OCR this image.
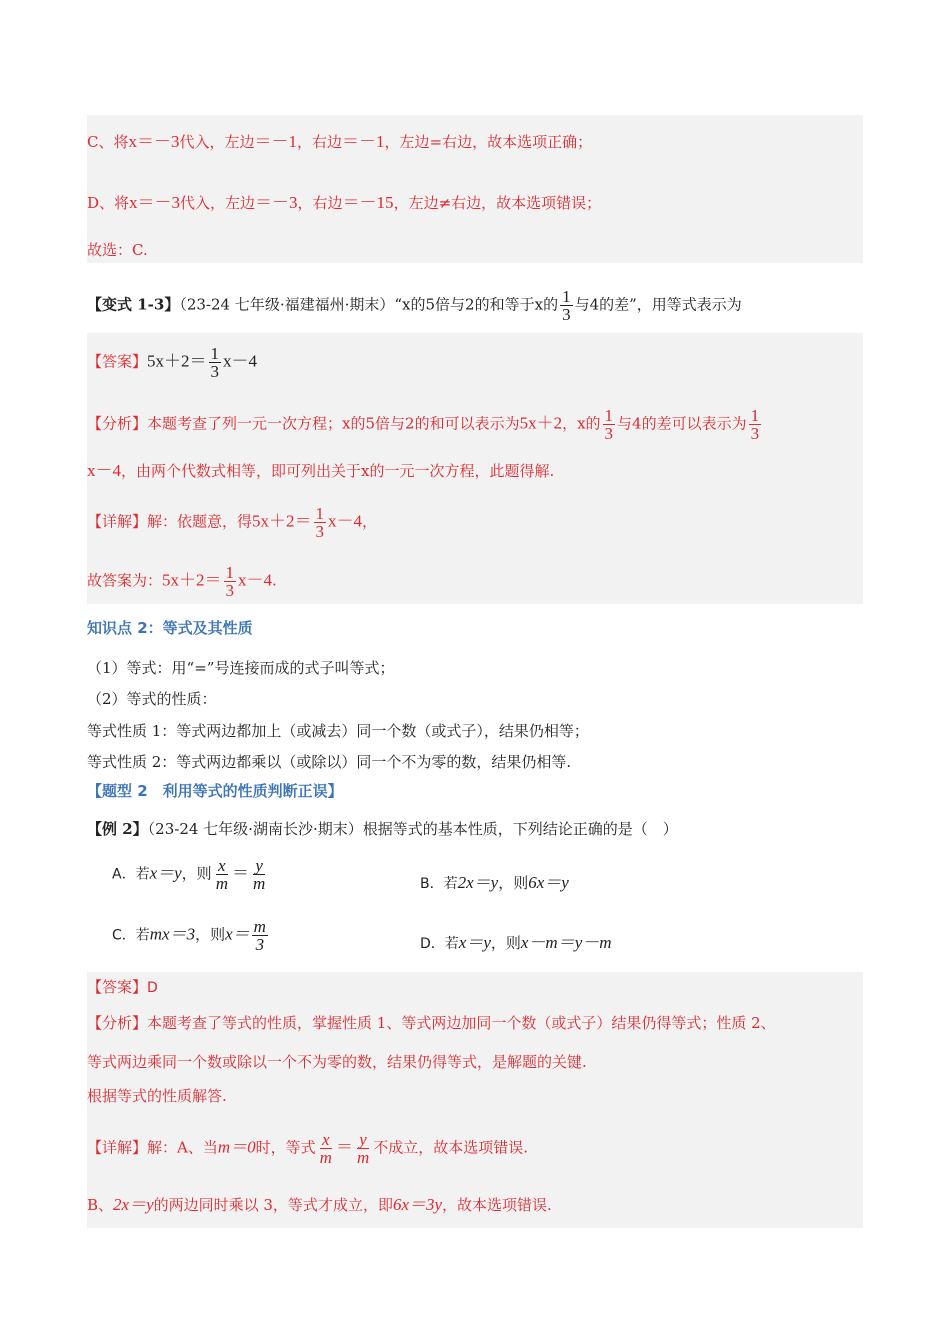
C、将x＝－3代入，左边＝－1，右边＝－1，左边=右边，故本选项正确；
D、将x＝－3代入，左边＝－3，右边＝－15，左边≠右边，故本选项错误；
故选：C.
【变式 1-3】（23-24 七年级·福建福州·期末）“x的5倍与2的和等于x的 $\frac{1}{3}$ 与4的差”，用等式表示为
【答案】$5x+2= \frac{1}{3} x-4$
【分析】本题考查了列一元一次方程；x的5倍与2的和可以表示为5x＋2，x的 $\frac{1}{3}$ 与4的差可以表示为 $\frac{1}{3}$
x－4，由两个代数式相等，即可列出关于x的一元一次方程，此题得解.
【详解】解：依题意，得$5x+2= \frac{1}{3} x-4$，
故答案为：$5x+2= \frac{1}{3} x-4$.
知识点 2：等式及其性质
（1）等式：用“=”号连接而成的式子叫等式；
（2）等式的性质：
等式性质 1：等式两边都加上（或减去）同一个数（或式子），结果仍相等；
等式性质 2：等式两边都乘以（或除以）同一个不为零的数，结果仍相等.
【题型 2　利用等式的性质判断正误】
【例 2】（23-24 七年级·湖南长沙·期末）根据等式的基本性质，下列结论正确的是（　）
A．若x＝y，则 $\frac{x}{m} = \frac{y}{m}$	B．若2x＝y，则6x＝y
C．若mx＝3，则$x= \frac{m}{3}$	D．若x＝y，则x－m＝y－m
【答案】D
【分析】本题考查了等式的性质，掌握性质 1、等式两边加同一个数（或式子）结果仍得等式；性质 2、
等式两边乘同一个数或除以一个不为零的数，结果仍得等式，是解题的关键.
根据等式的性质解答.
【详解】解：A、当m＝0时，等式 $\frac{x}{m} = \frac{y}{m}$ 不成立，故本选项错误.
B、2x＝y的两边同时乘以 3，等式才成立，即6x＝3y，故本选项错误.
